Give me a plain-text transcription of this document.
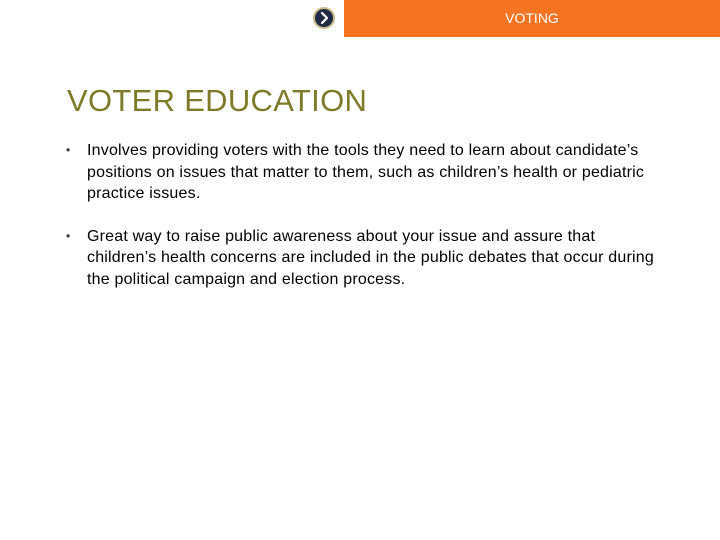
VOTING
VOTER EDUCATION
• Involves providing voters with the tools they need to learn about candidate’s positions on issues that matter to them, such as children’s health or pediatric practice issues.
• Great way to raise public awareness about your issue and assure that children’s health concerns are included in the public debates that occur during the political campaign and election process.
